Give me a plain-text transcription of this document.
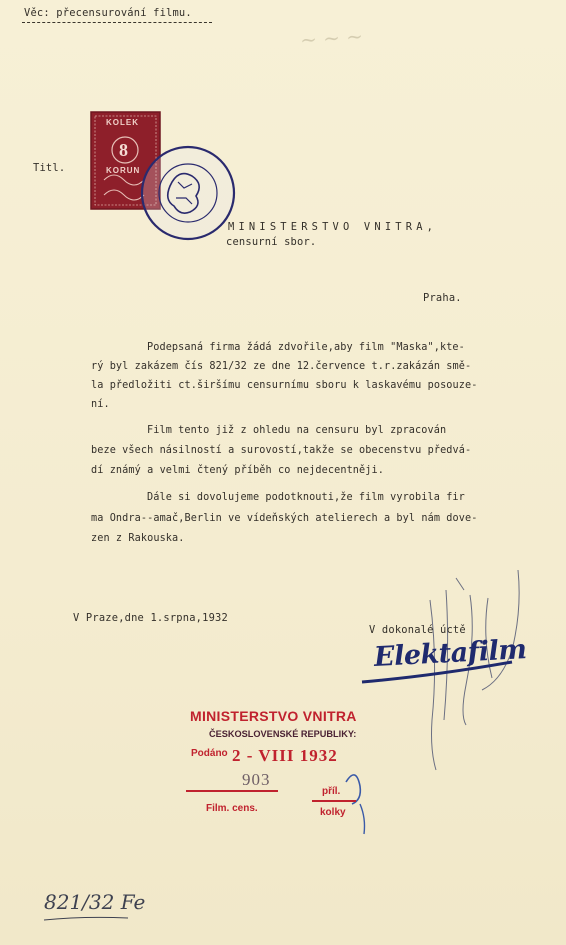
~ ~ ~
Věc: přecensurování filmu.
KOLEK
8
KORUN
Titl.
MINISTERSTVO VNITRA,
censurní sbor.
Praha.
Podepsaná firma žádá zdvořile,aby film "Maska",kte-
rý byl zakázem čís 821/32 ze dne 12.července t.r.zakázán smě-
la předložiti ct.širšímu censurnímu sboru k laskavému posouze-
ní.
Film tento již z ohledu na censuru byl zpracován
beze všech násilností a surovostí,takže se obecenstvu předvá-
dí známý a velmi čtený příběh co nejdecentněji.
Dále si dovolujeme podotknouti,že film vyrobila fir
ma Ondra--amač,Berlin ve vídeňských atelierech a byl nám dove-
zen z Rakouska.
V Praze,dne 1.srpna,1932
V dokonalé úctě
Elektafilm
MINISTERSTVO VNITRA
ČESKOSLOVENSKÉ REPUBLIKY:
Podáno 2 - VIII 1932
903
Film. cens.
příl.
kolky
821/32 Fe
